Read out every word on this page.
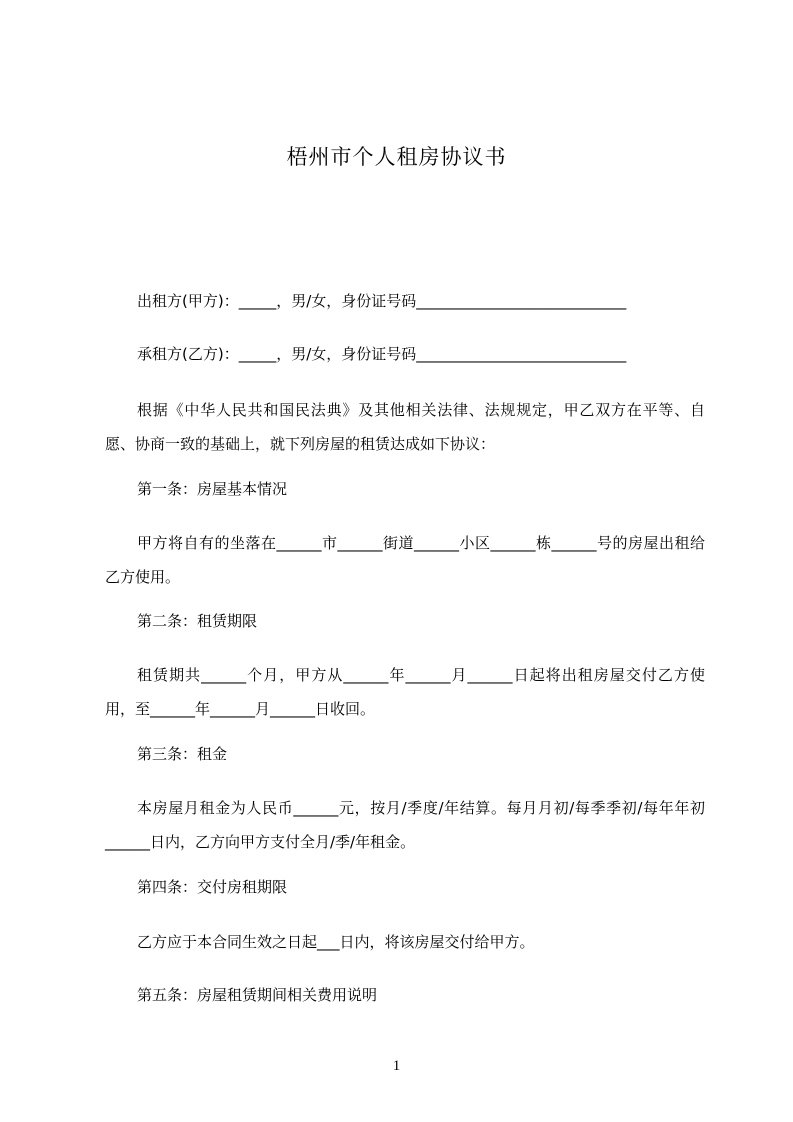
梧州市个人租房协议书
出租方(甲方)：_____，男/女，身份证号码____________________________
承租方(乙方)：_____，男/女，身份证号码____________________________
根据《中华人民共和国民法典》及其他相关法律、法规规定，甲乙双方在平等、自愿、协商一致的基础上，就下列房屋的租赁达成如下协议：
第一条：房屋基本情况
甲方将自有的坐落在______市______街道______小区______栋______号的房屋出租给乙方使用。
第二条：租赁期限
租赁期共______个月，甲方从______年______月______日起将出租房屋交付乙方使用，至______年______月______日收回。
第三条：租金
本房屋月租金为人民币______元，按月/季度/年结算。每月月初/每季季初/每年年初______日内，乙方向甲方支付全月/季/年租金。
第四条：交付房租期限
乙方应于本合同生效之日起___日内，将该房屋交付给甲方。
第五条：房屋租赁期间相关费用说明
1
